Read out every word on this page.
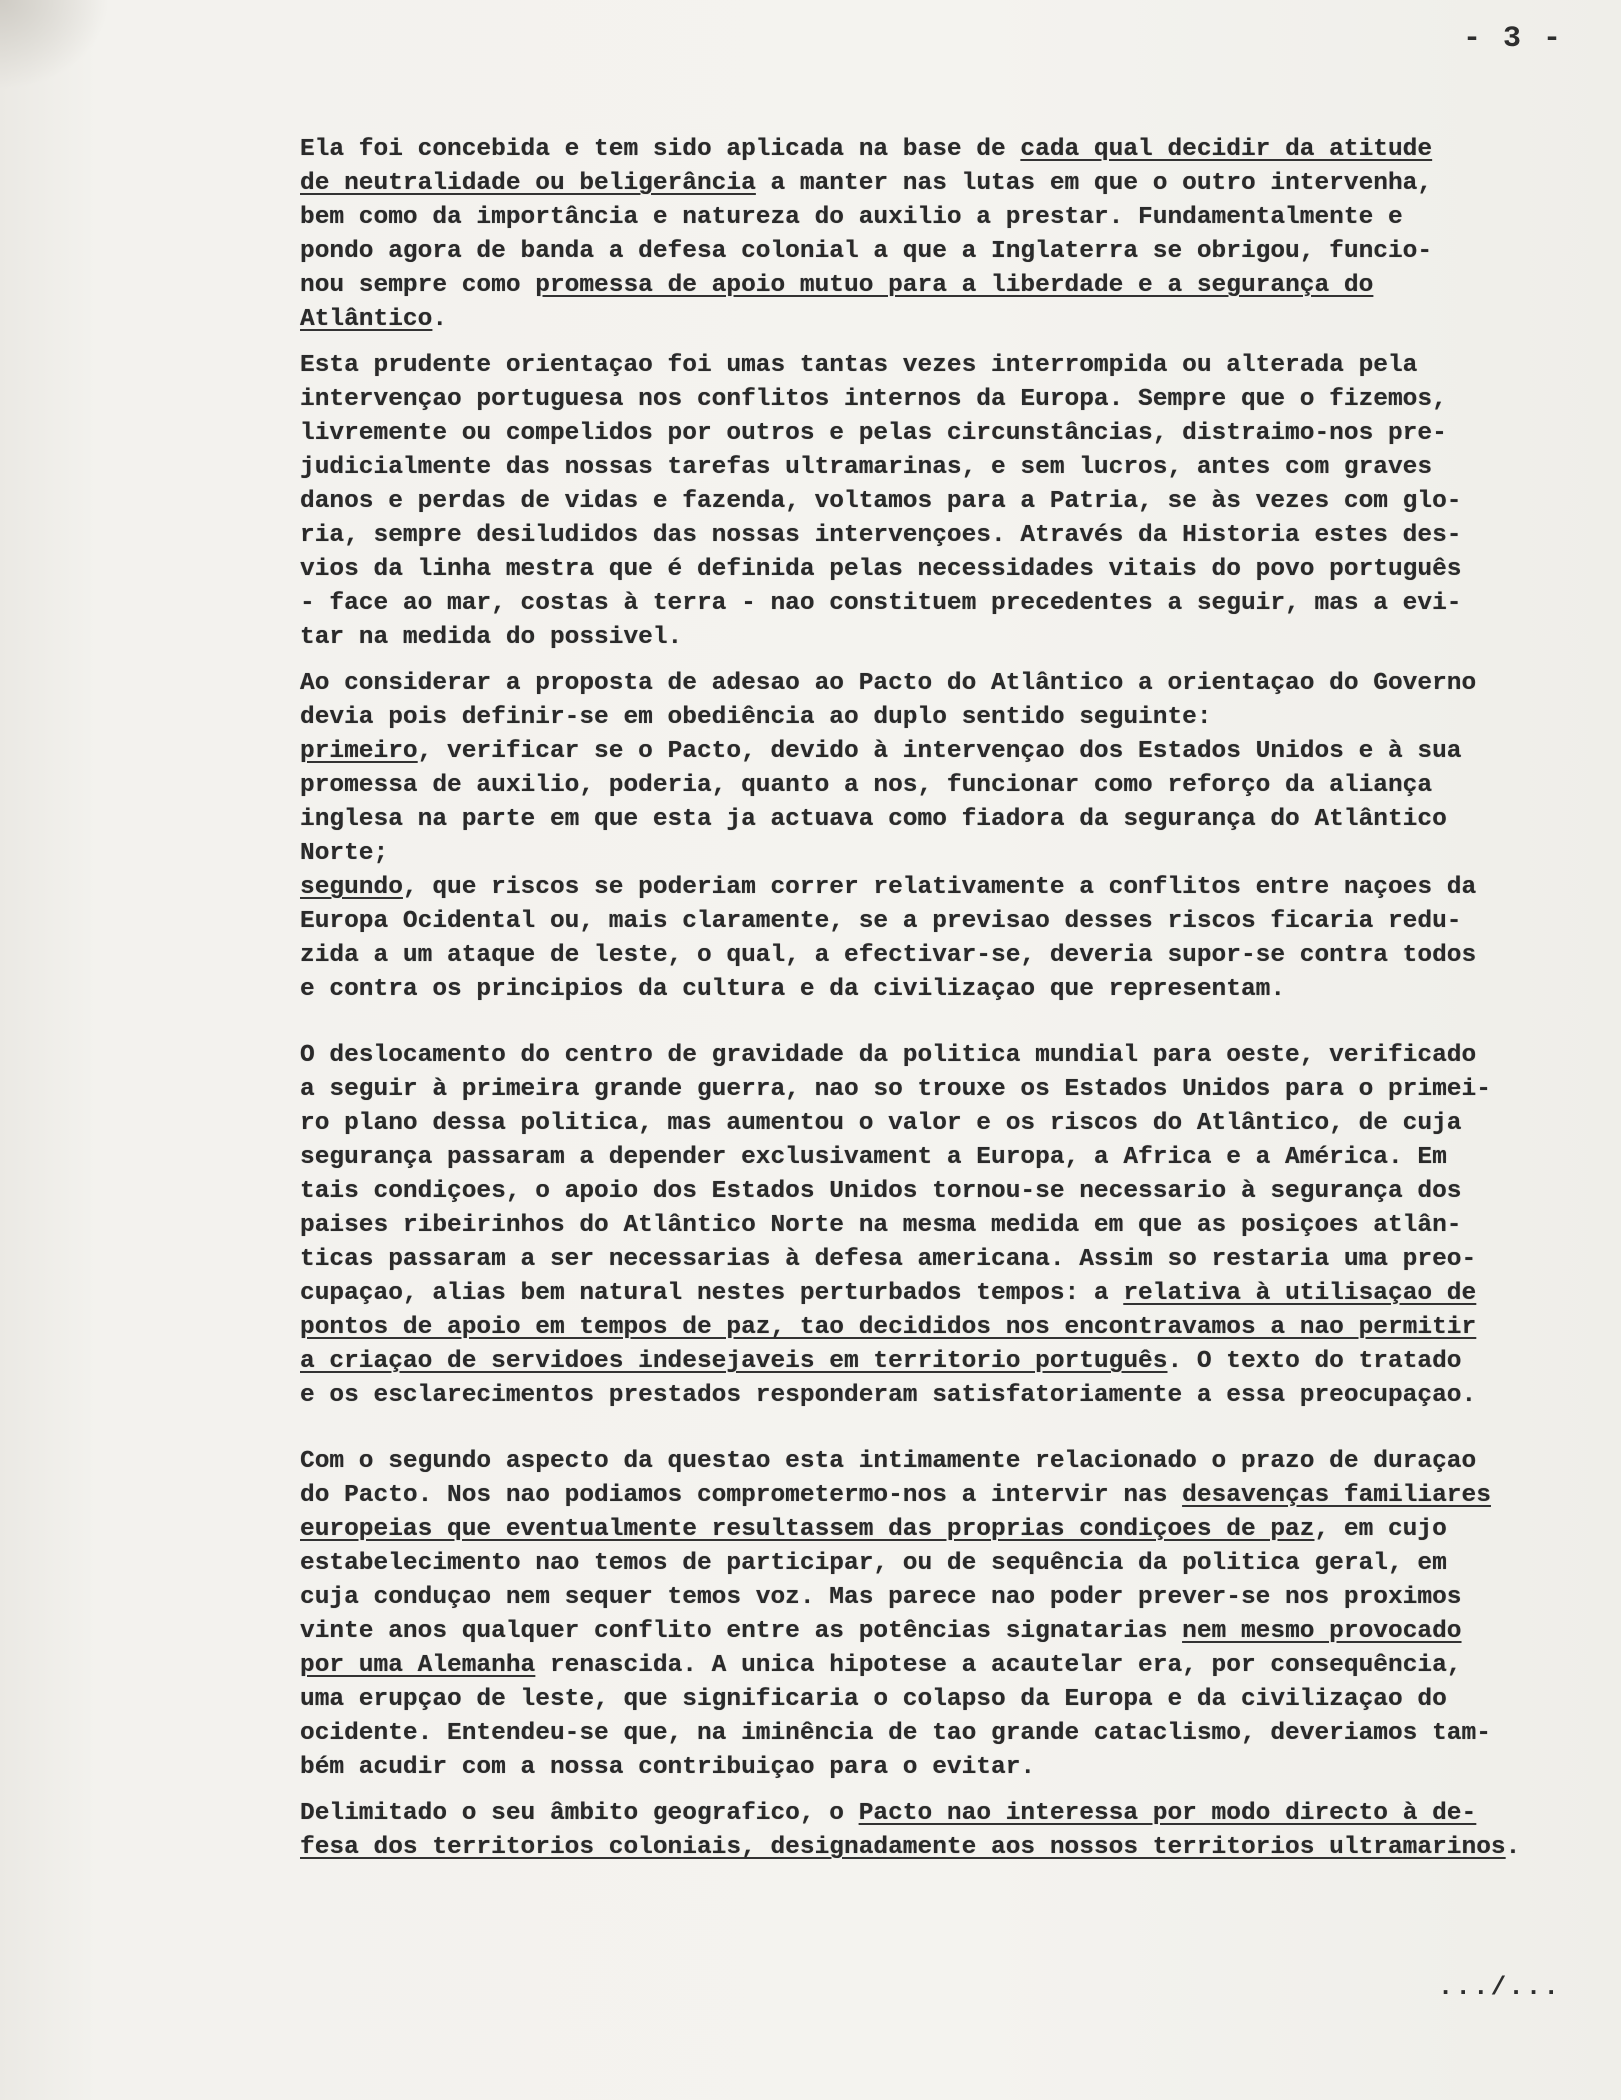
- 3 -
Ela foi concebida e tem sido aplicada na base de cada qual decidir da atitude
de neutralidade ou beligerância a manter nas lutas em que o outro intervenha,
bem como da importância e natureza do auxilio a prestar. Fundamentalmente e
pondo agora de banda a defesa colonial a que a Inglaterra se obrigou, funcio-
nou sempre como promessa de apoio mutuo para a liberdade e a segurança do
Atlântico.
Esta prudente orientaçao foi umas tantas vezes interrompida ou alterada pela
intervençao portuguesa nos conflitos internos da Europa. Sempre que o fizemos,
livremente ou compelidos por outros e pelas circunstâncias, distraimo-nos pre-
judicialmente das nossas tarefas ultramarinas, e sem lucros, antes com graves
danos e perdas de vidas e fazenda, voltamos para a Patria, se às vezes com glo-
ria, sempre desiludidos das nossas intervençoes. Através da Historia estes des-
vios da linha mestra que é definida pelas necessidades vitais do povo português
- face ao mar, costas à terra - nao constituem precedentes a seguir, mas a evi-
tar na medida do possivel.
Ao considerar a proposta de adesao ao Pacto do Atlântico a orientaçao do Governo
devia pois definir-se em obediência ao duplo sentido seguinte:
primeiro, verificar se o Pacto, devido à intervençao dos Estados Unidos e à sua
promessa de auxilio, poderia, quanto a nos, funcionar como reforço da aliança
inglesa na parte em que esta ja actuava como fiadora da segurança do Atlântico
Norte;
segundo, que riscos se poderiam correr relativamente a conflitos entre naçoes da
Europa Ocidental ou, mais claramente, se a previsao desses riscos ficaria redu-
zida a um ataque de leste, o qual, a efectivar-se, deveria supor-se contra todos
e contra os principios da cultura e da civilizaçao que representam.
O deslocamento do centro de gravidade da politica mundial para oeste, verificado
a seguir à primeira grande guerra, nao so trouxe os Estados Unidos para o primei-
ro plano dessa politica, mas aumentou o valor e os riscos do Atlântico, de cuja
segurança passaram a depender exclusivament a Europa, a Africa e a América. Em
tais condiçoes, o apoio dos Estados Unidos tornou-se necessario à segurança dos
paises ribeirinhos do Atlântico Norte na mesma medida em que as posiçoes atlân-
ticas passaram a ser necessarias à defesa americana. Assim so restaria uma preo-
cupaçao, alias bem natural nestes perturbados tempos: a relativa à utilisaçao de
pontos de apoio em tempos de paz, tao decididos nos encontravamos a nao permitir
a criaçao de servidoes indesejaveis em territorio português. O texto do tratado
e os esclarecimentos prestados responderam satisfatoriamente a essa preocupaçao.
Com o segundo aspecto da questao esta intimamente relacionado o prazo de duraçao
do Pacto. Nos nao podiamos comprometermo-nos a intervir nas desavenças familiares
europeias que eventualmente resultassem das proprias condiçoes de paz, em cujo
estabelecimento nao temos de participar, ou de sequência da politica geral, em
cuja conduçao nem sequer temos voz. Mas parece nao poder prever-se nos proximos
vinte anos qualquer conflito entre as potências signatarias nem mesmo provocado
por uma Alemanha renascida. A unica hipotese a acautelar era, por consequência,
uma erupçao de leste, que significaria o colapso da Europa e da civilizaçao do
ocidente. Entendeu-se que, na iminência de tao grande cataclismo, deveriamos tam-
bém acudir com a nossa contribuiçao para o evitar.
Delimitado o seu âmbito geografico, o Pacto nao interessa por modo directo à de-
fesa dos territorios coloniais, designadamente aos nossos territorios ultramarinos.
.../...
